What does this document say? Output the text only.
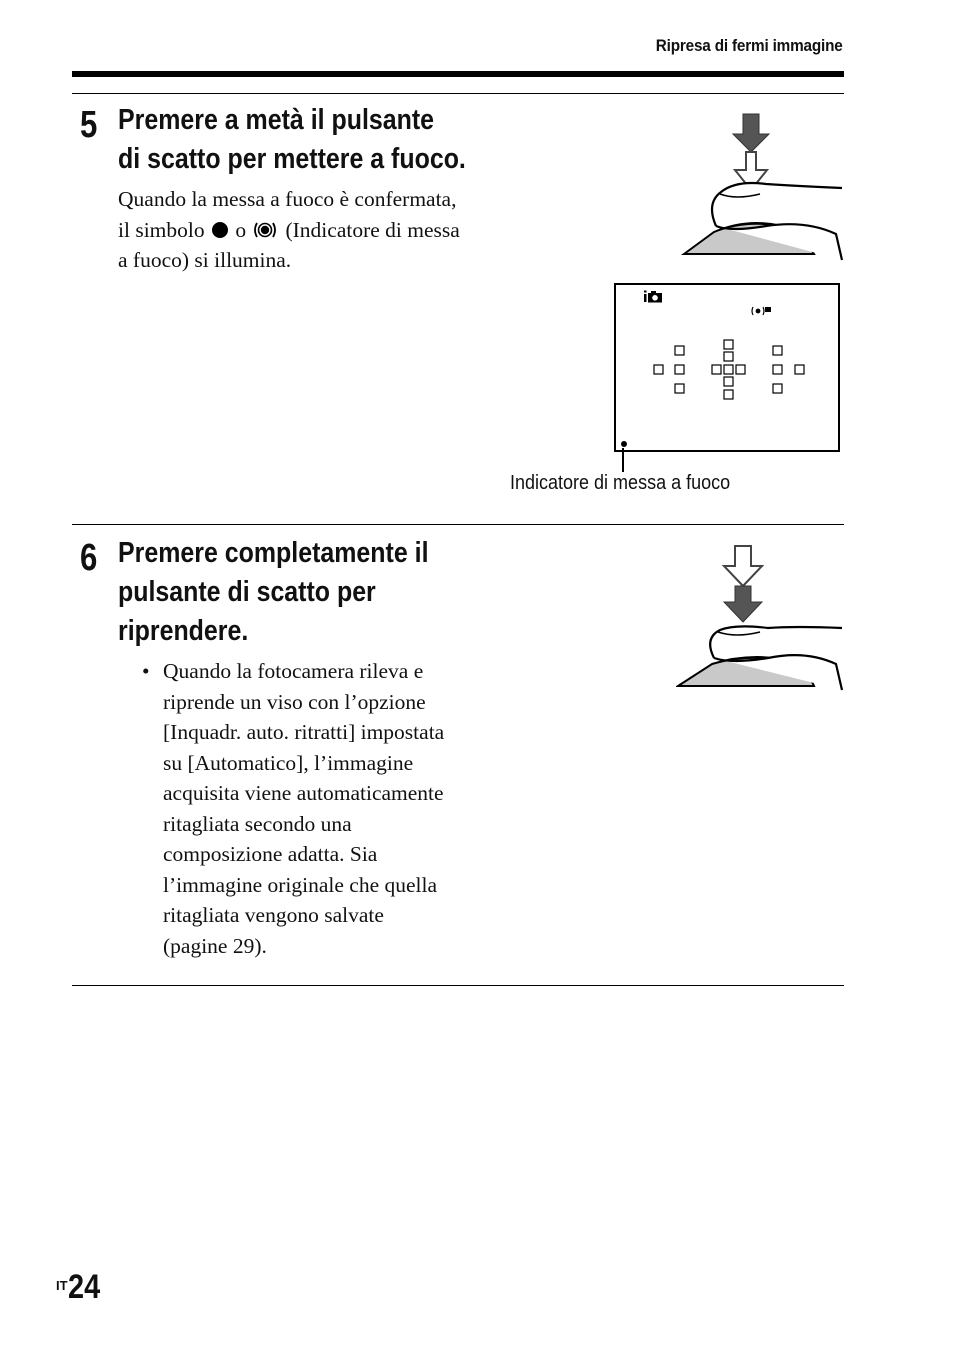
Ripresa di fermi immagine
5 Premere a metà il pulsante
di scatto per mettere a fuoco.
Quando la messa a fuoco è confermata,
il simbolo  o (Indicatore di messa
a fuoco) si illumina.
Indicatore di messa a fuoco
6 Premere completamente il
pulsante di scatto per
riprendere.
• Quando la fotocamera rileva e
riprende un viso con l’opzione
[Inquadr. auto. ritratti] impostata
su [Automatico], l’immagine
acquisita viene automaticamente
ritagliata secondo una
composizione adatta. Sia
l’immagine originale che quella
ritagliata vengono salvate
(pagine 29).
IT 24
